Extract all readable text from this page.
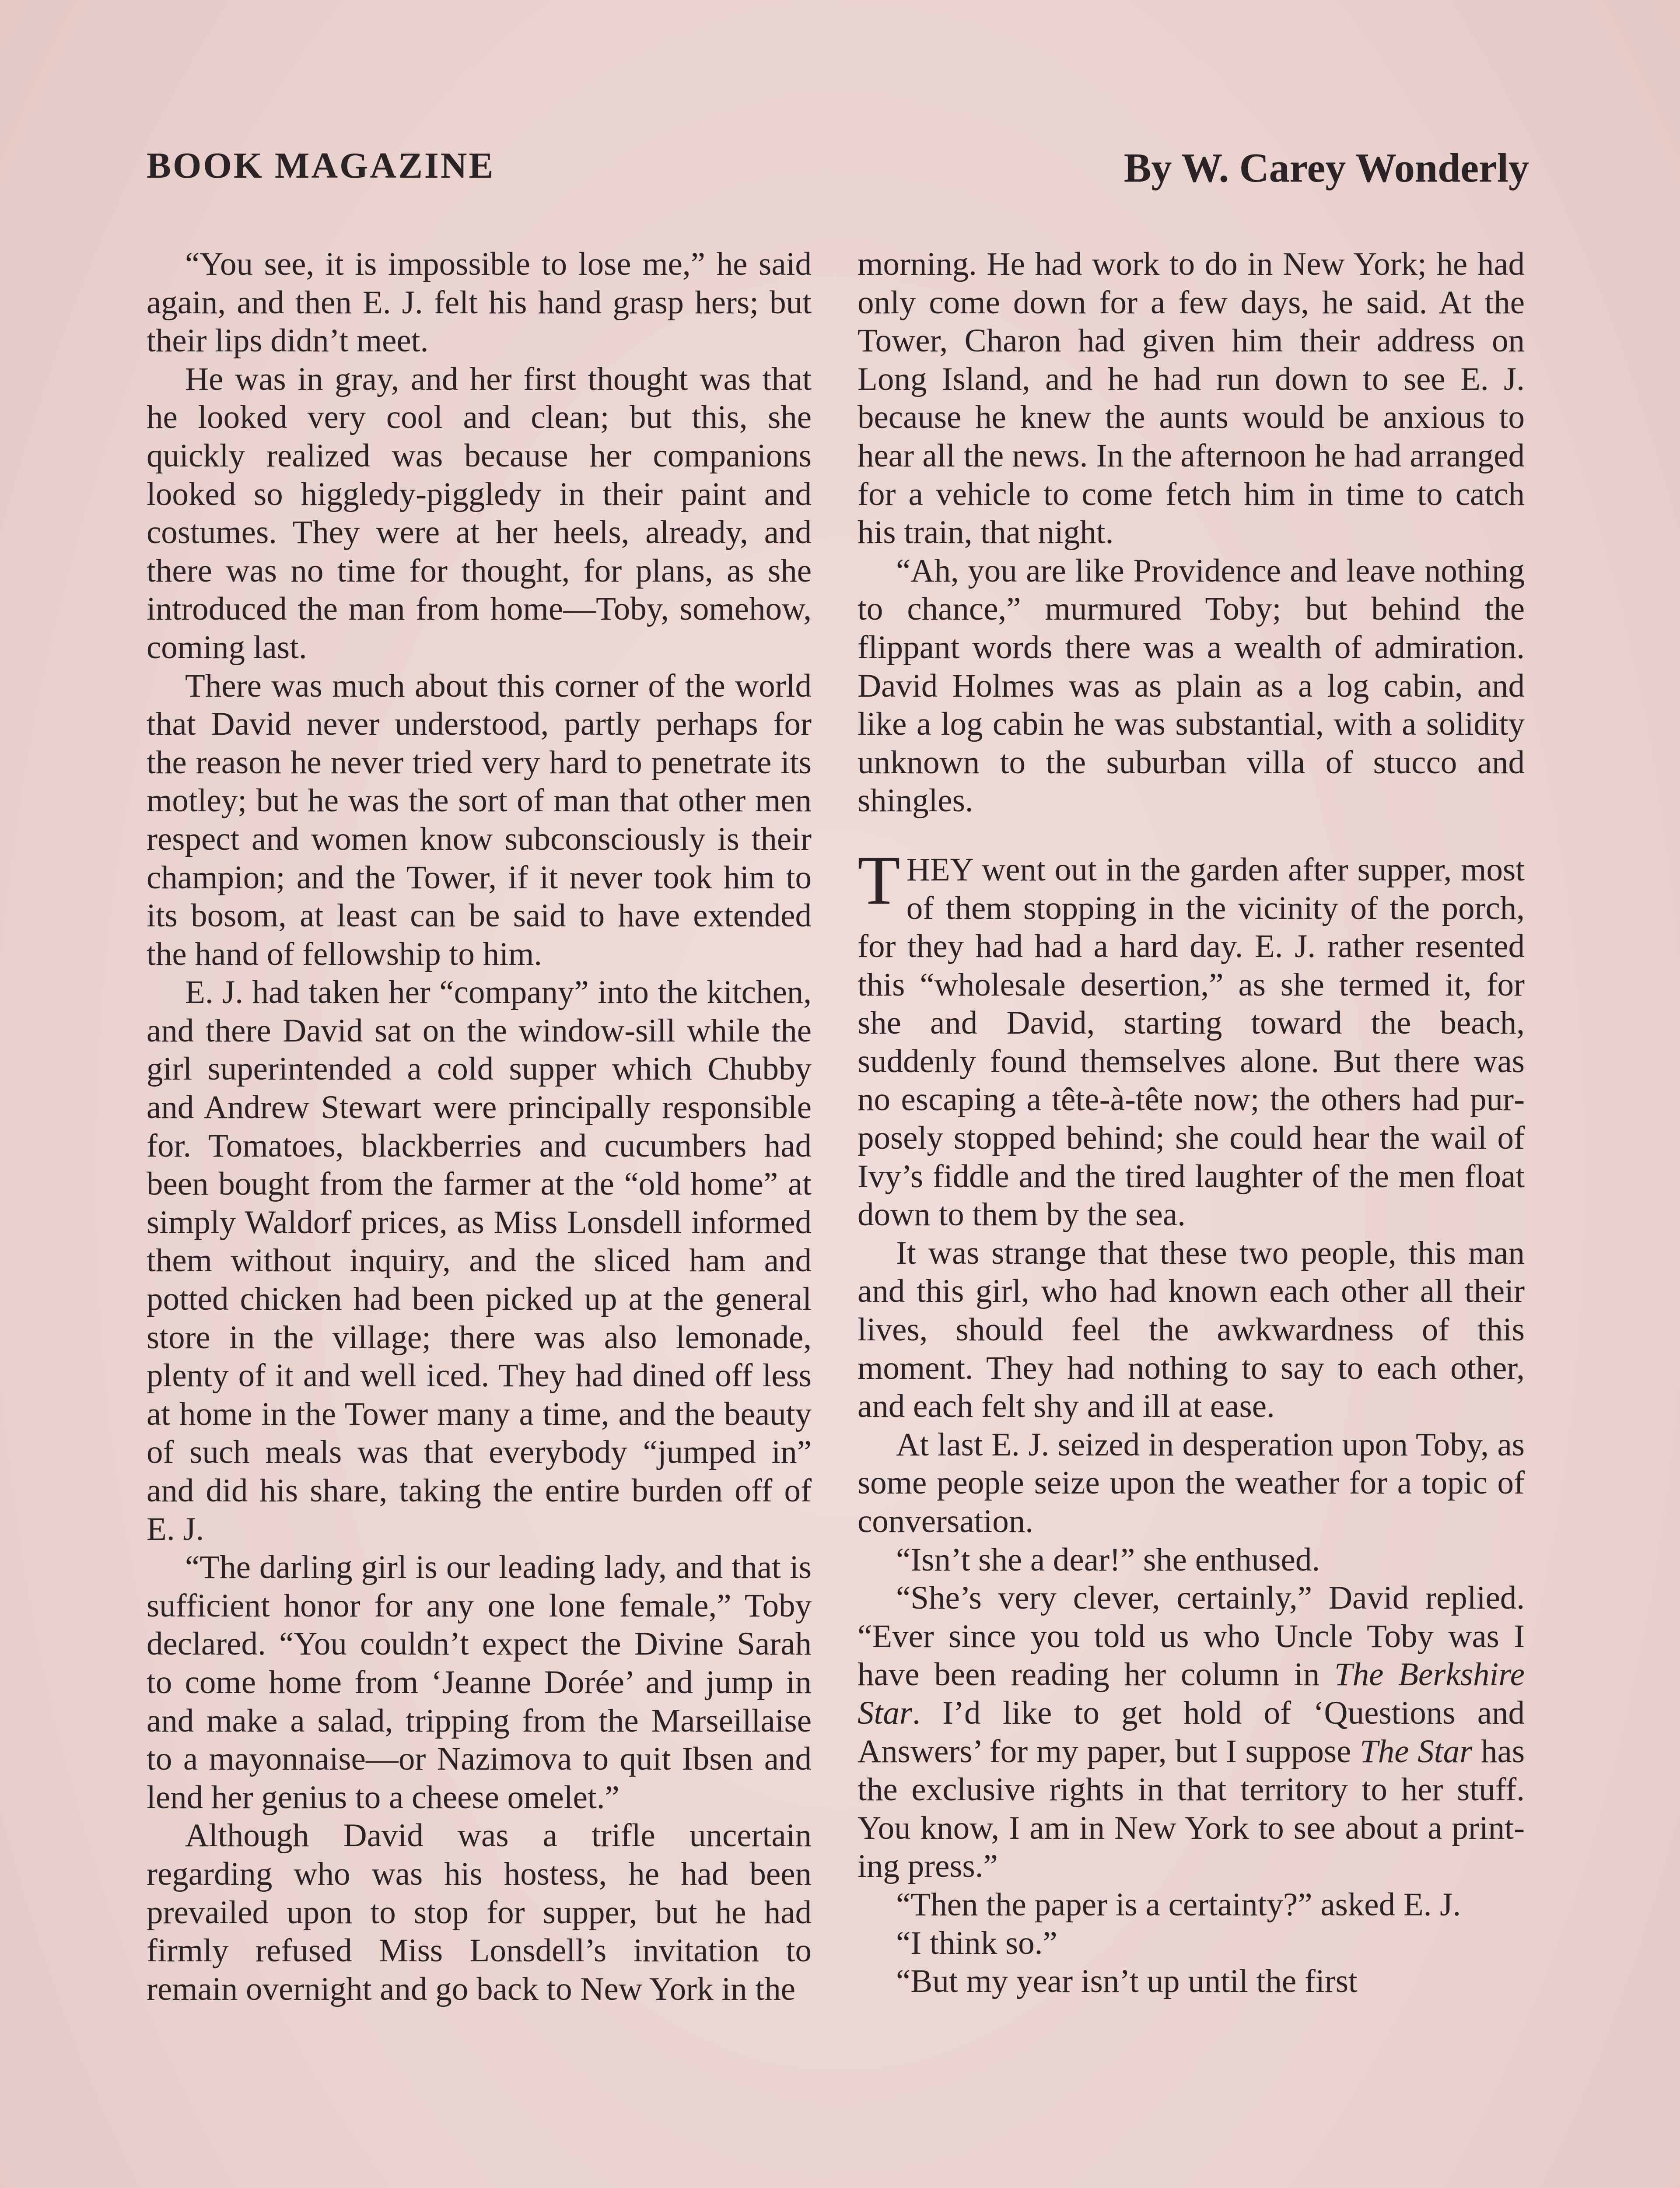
BOOK MAGAZINE	By W. Carey Wonderly

“You see, it is impossible to lose me,” he said again, and then E. J. felt his hand grasp hers; but their lips didn’t meet.

He was in gray, and her first thought was that he looked very cool and clean; but this, she quickly realized was because her companions looked so higgledy-piggledy in their paint and costumes. They were at her heels, already, and there was no time for thought, for plans, as she introduced the man from home—Toby, somehow, coming last.

There was much about this corner of the world that David never understood, partly perhaps for the reason he never tried very hard to penetrate its motley; but he was the sort of man that other men respect and women know subconsciously is their champion; and the Tower, if it never took him to its bosom, at least can be said to have extended the hand of fellowship to him.

E. J. had taken her “company” into the kitchen, and there David sat on the window-sill while the girl superintended a cold supper which Chubby and Andrew Stewart were principally responsible for. Tomatoes, blackberries and cucumbers had been bought from the farmer at the “old home” at simply Waldorf prices, as Miss Lonsdell informed them without inquiry, and the sliced ham and potted chicken had been picked up at the general store in the village; there was also lemonade, plenty of it and well iced. They had dined off less at home in the Tower many a time, and the beauty of such meals was that everybody “jumped in” and did his share, taking the entire burden off of E. J.

“The darling girl is our leading lady, and that is sufficient honor for any one lone female,” Toby declared. “You couldn’t expect the Divine Sarah to come home from ‘Jeanne Dorée’ and jump in and make a salad, tripping from the Marseillaise to a mayonnaise—or Nazimova to quit Ibsen and lend her genius to a cheese omelet.”

Although David was a trifle uncertain regarding who was his hostess, he had been prevailed upon to stop for supper, but he had firmly refused Miss Lonsdell’s invitation to remain overnight and go back to New York in the

morning. He had work to do in New York; he had only come down for a few days, he said. At the Tower, Charon had given him their address on Long Island, and he had run down to see E. J. because he knew the aunts would be anxious to hear all the news. In the afternoon he had arranged for a vehicle to come fetch him in time to catch his train, that night.

“Ah, you are like Providence and leave nothing to chance,” murmured Toby; but behind the flippant words there was a wealth of admiration. David Holmes was as plain as a log cabin, and like a log cabin he was substantial, with a solidity unknown to the suburban villa of stucco and shingles.

THEY went out in the garden after supper, most of them stopping in the vicinity of the porch, for they had had a hard day. E. J. rather resented this “wholesale desertion,” as she termed it, for she and David, starting toward the beach, suddenly found themselves alone. But there was no escaping a tête-à-tête now; the others had purposely stopped behind; she could hear the wail of Ivy’s fiddle and the tired laughter of the men float down to them by the sea.

It was strange that these two people, this man and this girl, who had known each other all their lives, should feel the awkwardness of this moment. They had nothing to say to each other, and each felt shy and ill at ease.

At last E. J. seized in desperation upon Toby, as some people seize upon the weather for a topic of conversation.

“Isn’t she a dear!” she enthused.

“She’s very clever, certainly,” David replied. “Ever since you told us who Uncle Toby was I have been reading her column in The Berkshire Star. I’d like to get hold of ‘Questions and Answers’ for my paper, but I suppose The Star has the exclusive rights in that territory to her stuff. You know, I am in New York to see about a printing press.”

“Then the paper is a certainty?” asked E. J.

“I think so.”

“But my year isn’t up until the first
